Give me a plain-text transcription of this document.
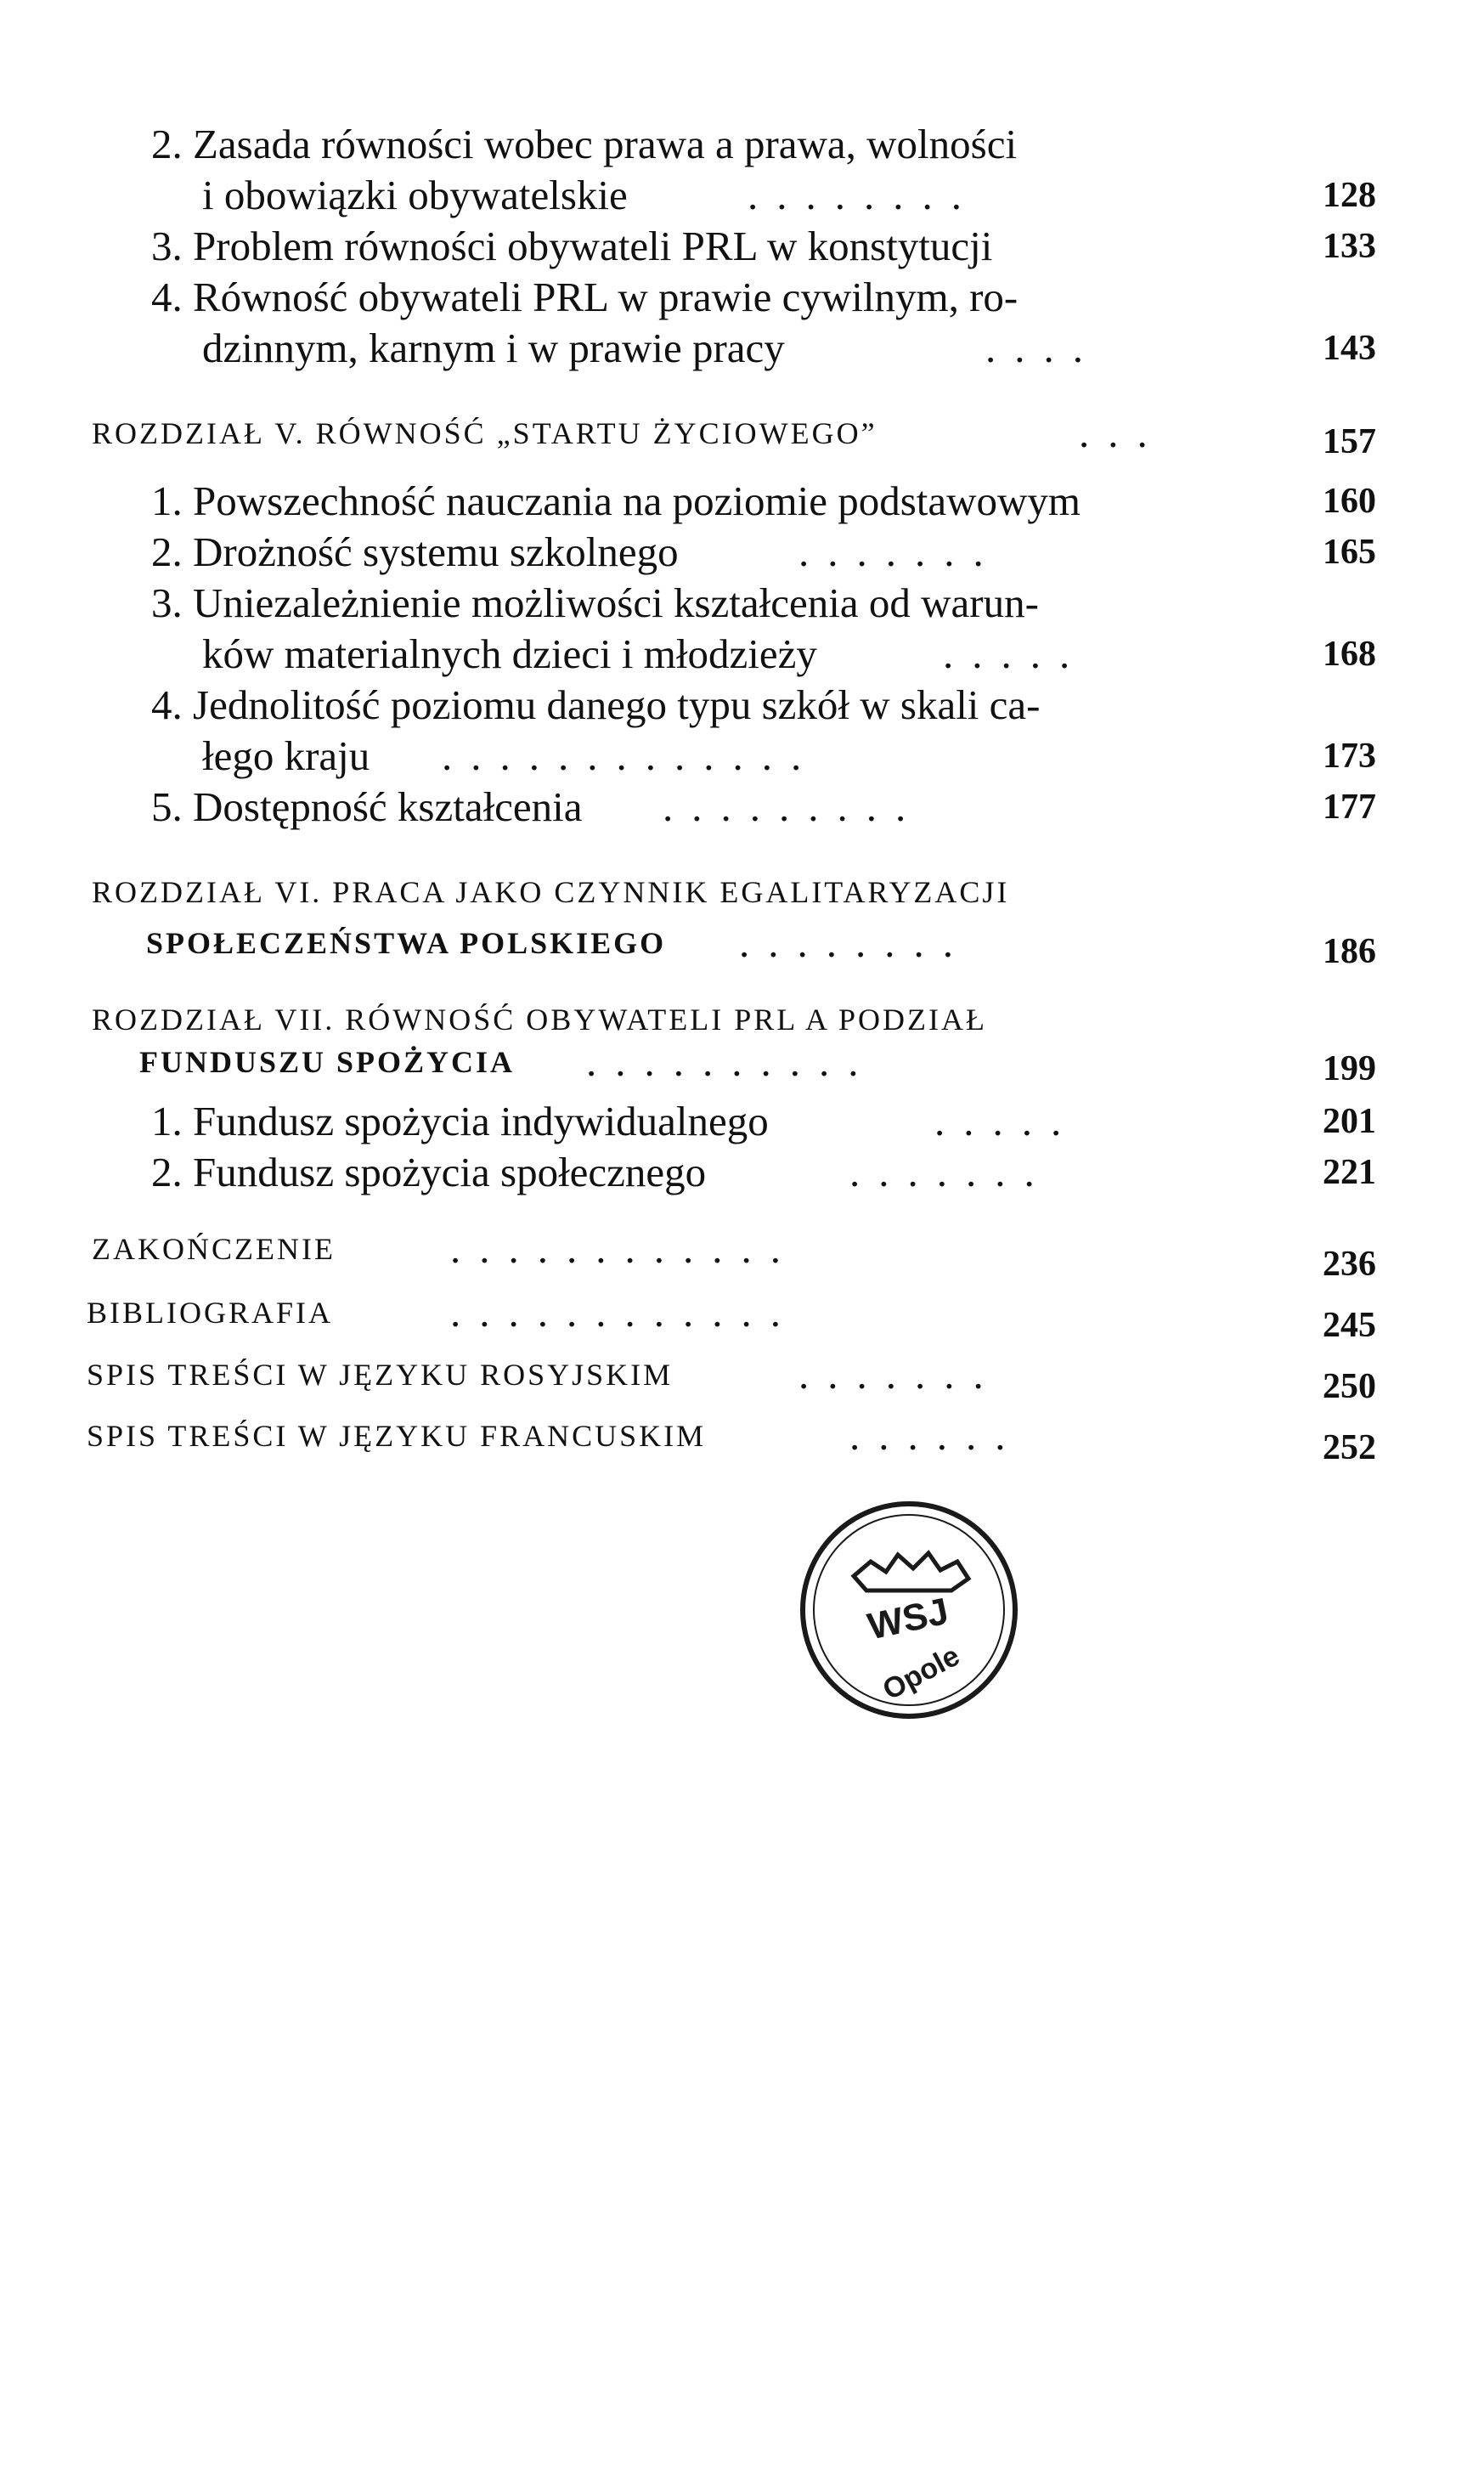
2. Zasada równości wobec prawa a prawa, wolności
i obowiązki obywatelskie	........	128
3. Problem równości obywateli PRL w konstytucji	133
4. Równość obywateli PRL w prawie cywilnym, ro-
dzinnym, karnym i w prawie pracy	....	143
ROZDZIAŁ V. RÓWNOŚĆ „STARTU ŻYCIOWEGO”	...	157
1. Powszechność nauczania na poziomie podstawowym	160
2. Drożność systemu szkolnego	.......	165
3. Uniezależnienie możliwości kształcenia od warun-
ków materialnych dzieci i młodzieży	.....	168
4. Jednolitość poziomu danego typu szkół w skali ca-
łego kraju .............	173
5. Dostępność kształcenia .........	177
ROZDZIAŁ VI. PRACA JAKO CZYNNIK EGALITARYZACJI
SPOŁECZEŃSTWA POLSKIEGO ........	186
ROZDZIAŁ VII. RÓWNOŚĆ OBYWATELI PRL A PODZIAŁ
FUNDUSZU SPOŻYCIA ..........	199
1. Fundusz spożycia indywidualnego	.....	201
2. Fundusz spożycia społecznego	.......	221
ZAKOŃCZENIE	............	236
BIBLIOGRAFIA	............	245
SPIS TREŚCI W JĘZYKU ROSYJSKIM	.......	250
SPIS TREŚCI W JĘZYKU FRANCUSKIM	......	252
WSJ
Opole
